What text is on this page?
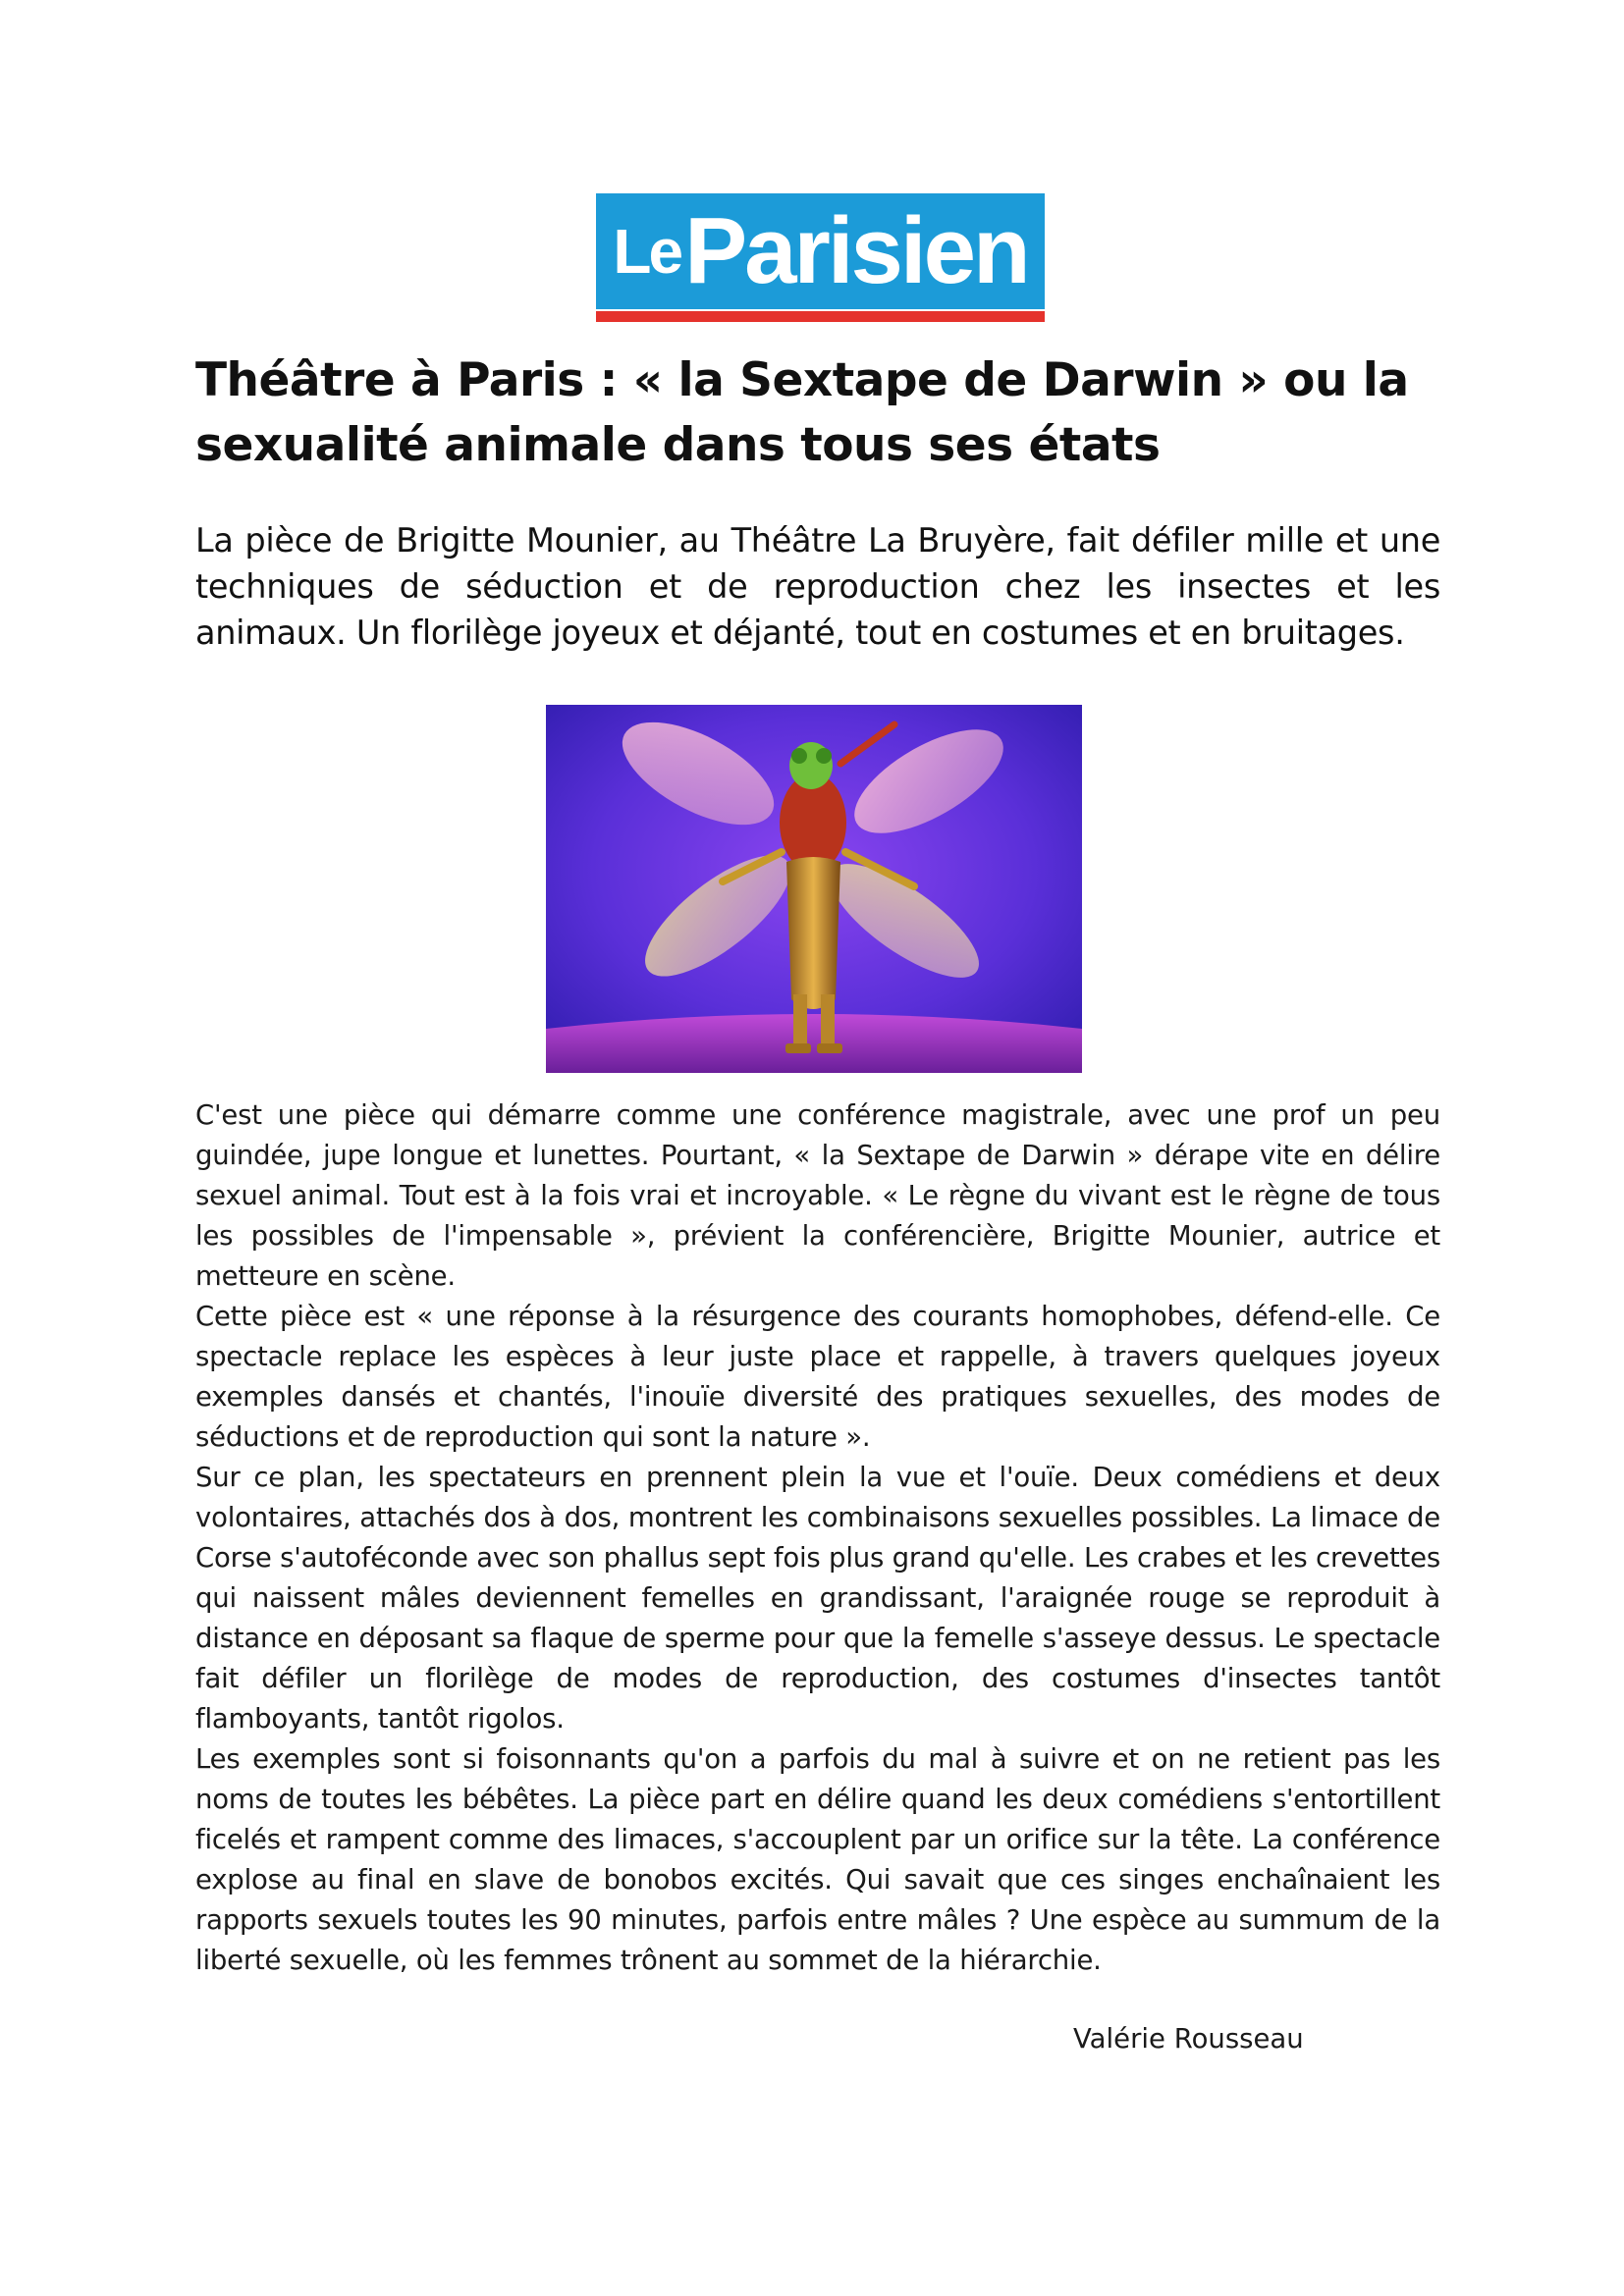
Le Parisien
Théâtre à Paris : « la Sextape de Darwin » ou la sexualité animale dans tous ses états

La pièce de Brigitte Mounier, au Théâtre La Bruyère, fait défiler mille et une techniques de séduction et de reproduction chez les insectes et les animaux. Un florilège joyeux et déjanté, tout en costumes et en bruitages.

C'est une pièce qui démarre comme une conférence magistrale, avec une prof un peu guindée, jupe longue et lunettes. Pourtant, « la Sextape de Darwin » dérape vite en délire sexuel animal. Tout est à la fois vrai et incroyable. « Le règne du vivant est le règne de tous les possibles de l'impensable », prévient la conférencière, Brigitte Mounier, autrice et metteure en scène.

Cette pièce est « une réponse à la résurgence des courants homophobes, défend-elle. Ce spectacle replace les espèces à leur juste place et rappelle, à travers quelques joyeux exemples dansés et chantés, l'inouïe diversité des pratiques sexuelles, des modes de séductions et de reproduction qui sont la nature ».

Sur ce plan, les spectateurs en prennent plein la vue et l'ouïe. Deux comédiens et deux volontaires, attachés dos à dos, montrent les combinaisons sexuelles possibles. La limace de Corse s'autoféconde avec son phallus sept fois plus grand qu'elle. Les crabes et les crevettes qui naissent mâles deviennent femelles en grandissant, l'araignée rouge se reproduit à distance en déposant sa flaque de sperme pour que la femelle s'asseye dessus. Le spectacle fait défiler un florilège de modes de reproduction, des costumes d'insectes tantôt flamboyants, tantôt rigolos.

Les exemples sont si foisonnants qu'on a parfois du mal à suivre et on ne retient pas les noms de toutes les bébêtes. La pièce part en délire quand les deux comédiens s'entortillent ficelés et rampent comme des limaces, s'accouplent par un orifice sur la tête. La conférence explose au final en slave de bonobos excités. Qui savait que ces singes enchaînaient les rapports sexuels toutes les 90 minutes, parfois entre mâles ? Une espèce au summum de la liberté sexuelle, où les femmes trônent au sommet de la hiérarchie.

Valérie Rousseau
